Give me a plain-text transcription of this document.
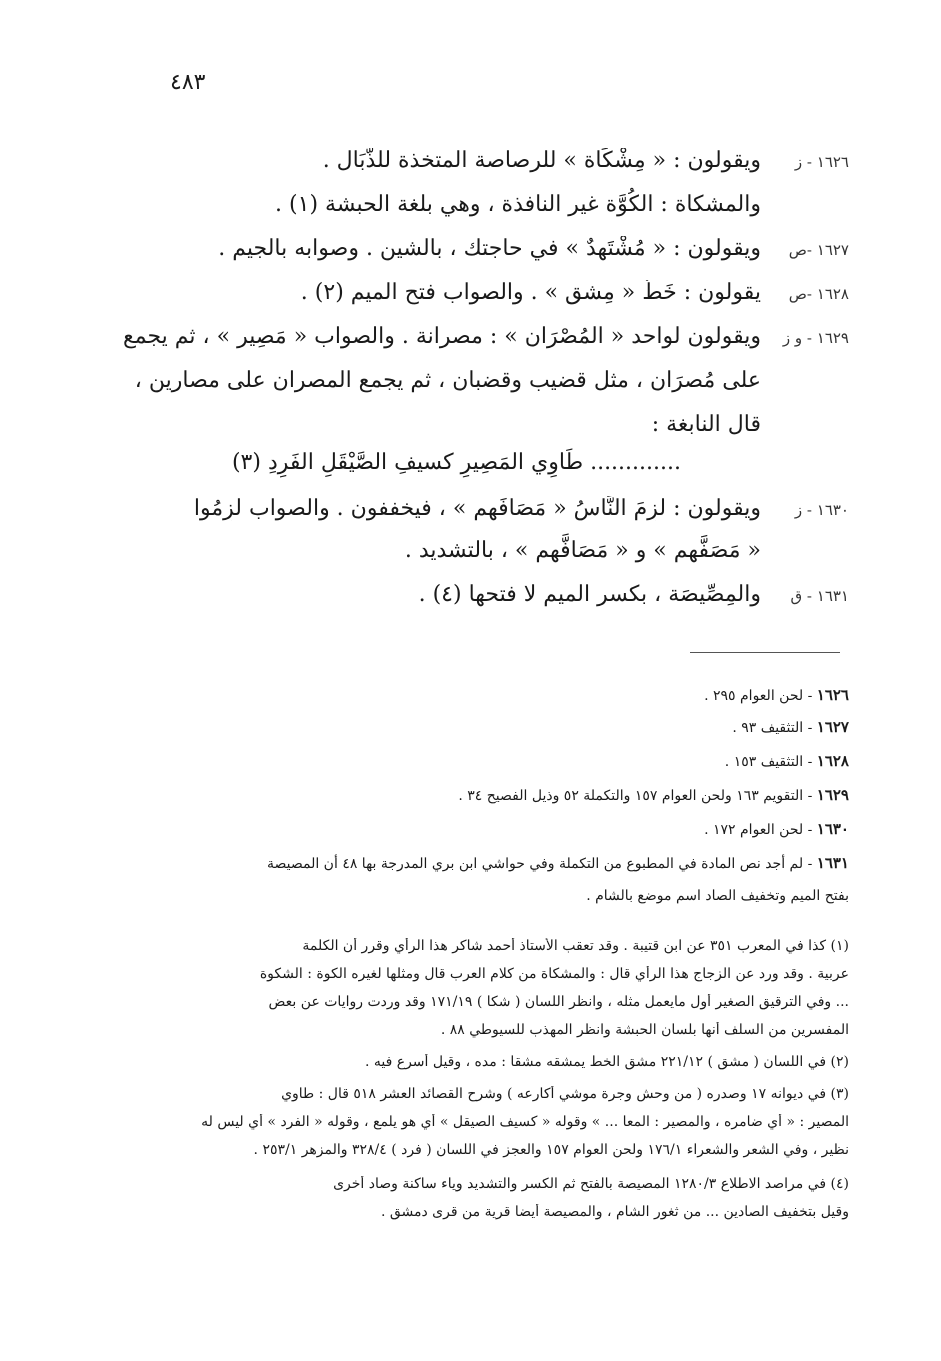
٤٨٣
١٦٢٦ - ز
ويقولون : « مِشْكَاة » للرصاصة المتخذة للذُّبَال .
والمشكاة : الكُوَّة غير النافذة ، وهي بلغة الحبشة (١) .
١٦٢٧ -ص
ويقولون : « مُشْتَهِدٌ » في حاجتك ، بالشين . وصوابه بالجيم .
١٦٢٨ -ص
يقولون : خَطٌّ « مِشق » . والصواب فتح الميم (٢) .
١٦٢٩ - و ز
ويقولون لواحد « المُصْرَان » : مصرانة . والصواب « مَصِير » ، ثم يجمع
على مُصرَان ، مثل قضيب وقضبان ، ثم يجمع المصران على مصارين ،
قال النابغة :
............. طَاوِي المَصِيرِ كسيفِ الصَّيْقَلِ الفَرِدِ (٣)
١٦٣٠ - ز
ويقولون : لزِمَ النَّاسُ « مَصَافَهم » ، فيخففون . والصواب لزِمُوا
« مَصَفَّهم » و « مَصَافَّهم » ، بالتشديد .
١٦٣١ - ق
والمِصِّيصَة ، بكسر الميم لا فتحها (٤) .
١٦٢٦ - لحن العوام ٢٩٥ .
١٦٢٧ - التثقيف ٩٣ .
١٦٢٨ - التثقيف ١٥٣ .
١٦٢٩ - التقويم ١٦٣ ولحن العوام ١٥٧ والتكملة ٥٢ وذيل الفصيح ٣٤ .
١٦٣٠ - لحن العوام ١٧٢ .
١٦٣١ - لم أجد نص المادة في المطبوع من التكملة وفي حواشي ابن بري المدرجة بها ٤٨ أن المصيصة
بفتح الميم وتخفيف الصاد اسم موضع بالشام .
(١) كذا في المعرب ٣٥١ عن ابن قتيبة . وقد تعقب الأستاذ أحمد شاكر هذا الرأي وقرر أن الكلمة
عربية . وقد ورد عن الزجاج هذا الرأي قال : والمشكاة من كلام العرب قال ومثلها لغيره الكوة : الشكوة
... وفي الترقيق الصغير أول مايعمل مثله ، وانظر اللسان ( شكا ) ١٧١/١٩ وقد وردت روايات عن بعض
المفسرين من السلف أنها بلسان الحبشة وانظر المهذب للسيوطي ٨٨ .
(٢) في اللسان ( مشق ) ٢٢١/١٢ مشق الخط يمشقه مشقا : مده ، وقيل أسرع فيه .
(٣) في ديوانه ١٧ وصدره ( من وحش وجرة موشي أكارعه ) وشرح القصائد العشر ٥١٨ قال : طاوي
المصير : « أي ضامره ، والمصير : المعا ... » وقوله « كسيف الصيقل » أي هو يلمع ، وقوله « الفرد » أي ليس له
نظير ، وفي الشعر والشعراء ١٧٦/١ ولحن العوام ١٥٧ والعجز في اللسان ( فرد ) ٣٢٨/٤ والمزهر ٢٥٣/١ .
(٤) في مراصد الاطلاع ١٢٨٠/٣ المصيصة بالفتح ثم الكسر والتشديد وياء ساكنة وصاد أخرى
وقيل بتخفيف الصادين ... من ثغور الشام ، والمصيصة أيضا قرية من قرى دمشق .
